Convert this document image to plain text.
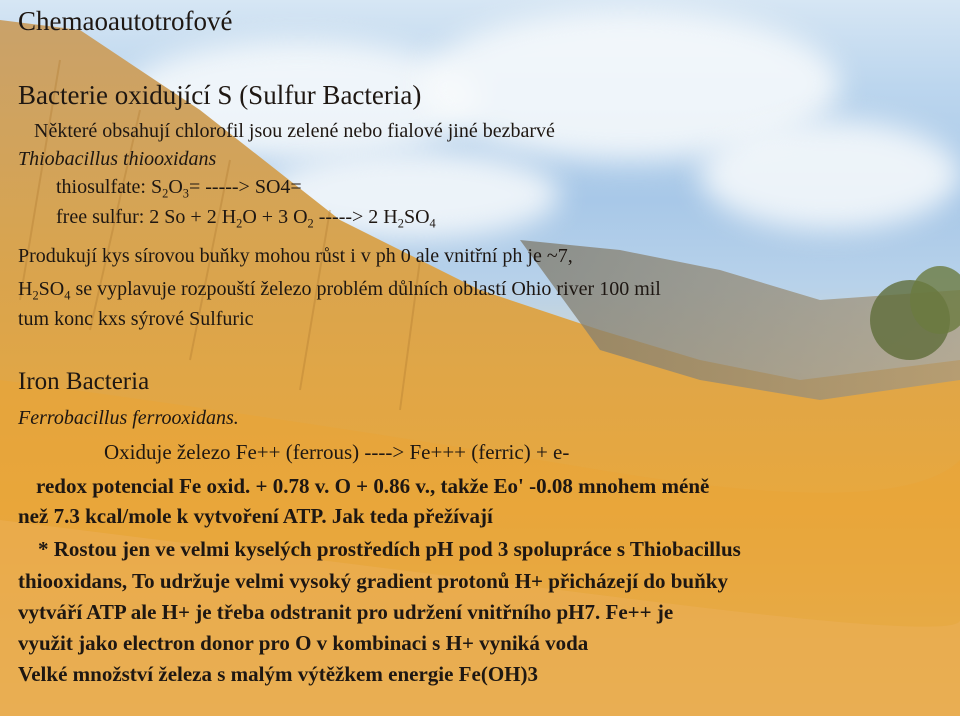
Chemaoautotrofové
Bacterie oxidující S (Sulfur Bacteria)
Některé obsahují chlorofil jsou zelené nebo fialové jiné bezbarvé
Thiobacillus thiooxidans
thiosulfate: $S_2O_3=$ -----> SO4=
free sulfur: 2 So + 2 $H_2O + 3$ $O_2$ -----> 2 $H_2SO_4$
Produkují kys sírovou buňky mohou růst i v ph 0 ale vnitřní ph je ~7,
$H_2SO_4$ se vyplavuje rozpouští železo problém důlních oblastí Ohio river 100 mil
tum konc kxs sýrové Sulfuric
Iron Bacteria
Ferrobacillus ferrooxidans.
Oxiduje železo Fe++ (ferrous) ----> Fe+++ (ferric) + e-
redox potencial Fe oxid. + 0.78 v. O + 0.86 v., takže Eo' -0.08 mnohem méně
než 7.3 kcal/mole k vytvoření ATP. Jak teda přežívají
* Rostou jen ve velmi kyselých prostředích pH pod 3 spolupráce s Thiobacillus
thiooxidans, To udržuje velmi vysoký gradient protonů H+ přicházejí do buňky
vytváří ATP ale H+ je třeba odstranit pro udržení vnitřního pH7. Fe++ je
využit jako electron donor pro O v kombinaci s H+ vyniká voda
Velké množství železa s malým výtěžkem energie Fe(OH)3
